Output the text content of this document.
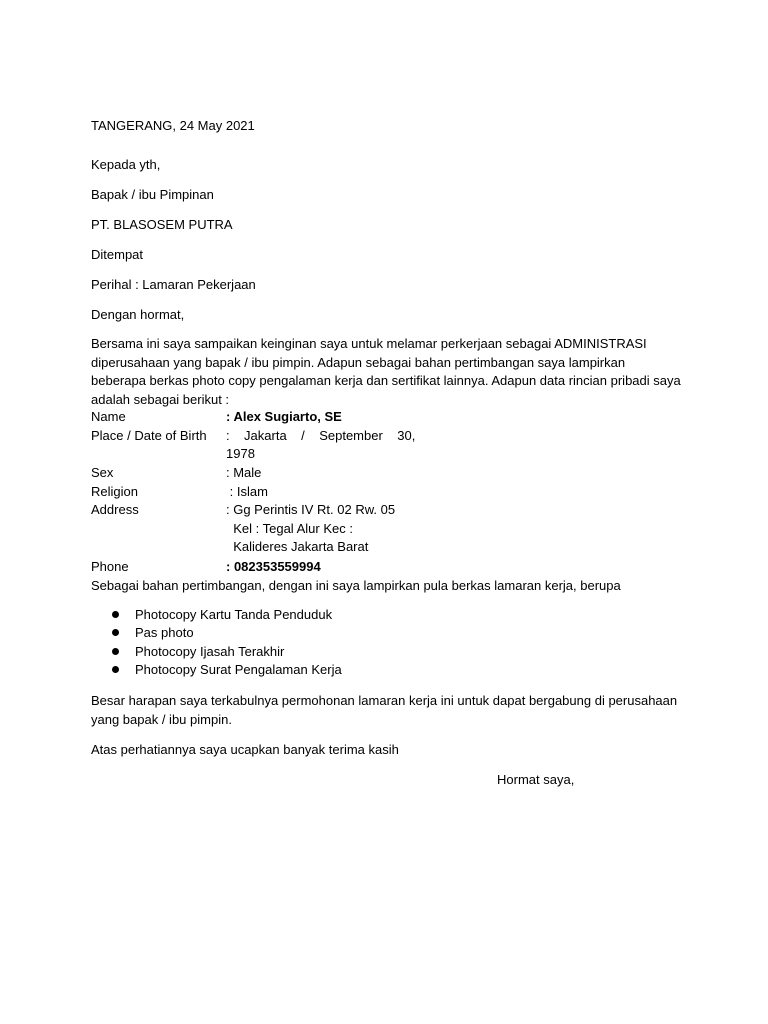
TANGERANG, 24 May 2021
Kepada yth,
Bapak / ibu Pimpinan
PT. BLASOSEM PUTRA
Ditempat
Perihal : Lamaran Pekerjaan
Dengan hormat,
Bersama ini saya sampaikan keinginan saya untuk melamar perkerjaan sebagai ADMINISTRASI diperusahaan yang bapak / ibu pimpin. Adapun sebagai bahan pertimbangan saya lampirkan beberapa berkas photo copy pengalaman kerja dan sertifikat lainnya. Adapun data rincian pribadi saya adalah sebagai berikut :
Name	: Alex Sugiarto, SE
Place / Date of Birth :    Jakarta    /    September    30,
1978
Sex	: Male
Religion	: Islam
Address	: Gg Perintis IV Rt. 02 Rw. 05
Kel : Tegal Alur Kec :
Kalideres Jakarta Barat
Phone	: 082353559994
Sebagai bahan pertimbangan, dengan ini saya lampirkan pula berkas lamaran kerja, berupa
Photocopy Kartu Tanda Penduduk
Pas photo
Photocopy Ijasah Terakhir
Photocopy Surat Pengalaman Kerja
Besar harapan saya terkabulnya permohonan lamaran kerja ini untuk dapat bergabung di perusahaan yang bapak / ibu pimpin.
Atas perhatiannya saya ucapkan banyak terima kasih
Hormat saya,
